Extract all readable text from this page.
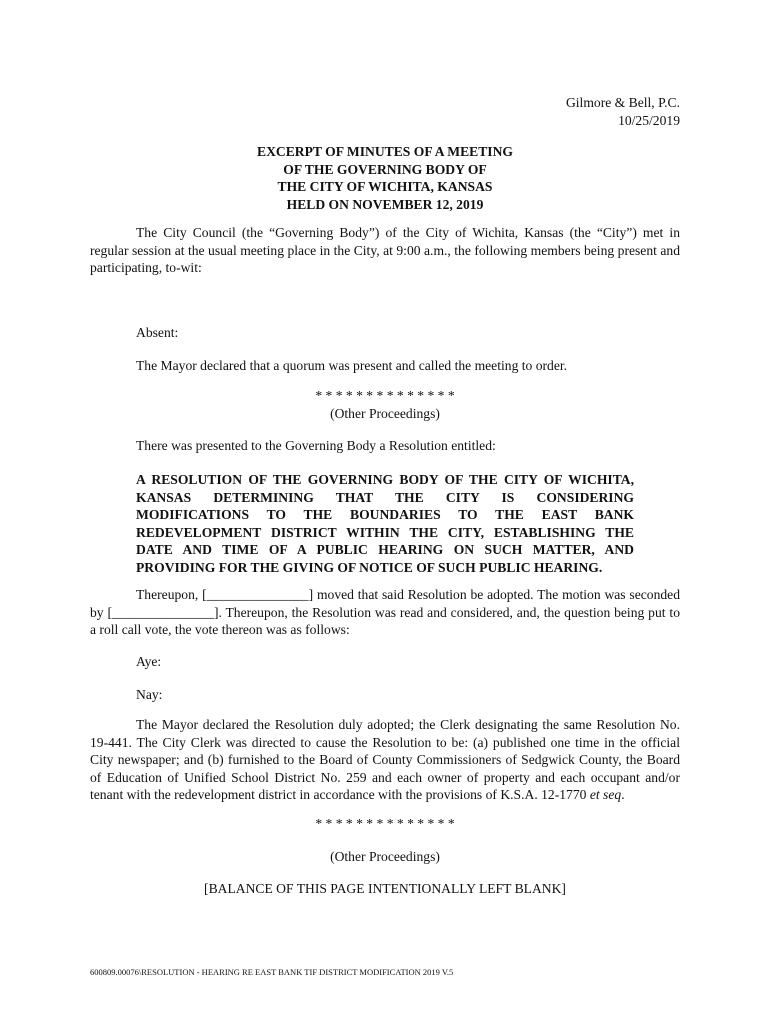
Gilmore & Bell, P.C.
10/25/2019
EXCERPT OF MINUTES OF A MEETING
OF THE GOVERNING BODY OF
THE CITY OF WICHITA, KANSAS
HELD ON NOVEMBER 12, 2019
The City Council (the “Governing Body”) of the City of Wichita, Kansas (the “City”) met in regular session at the usual meeting place in the City, at 9:00 a.m., the following members being present and participating, to-wit:
Absent:
The Mayor declared that a quorum was present and called the meeting to order.
* * * * * * * * * * * * * *
(Other Proceedings)
There was presented to the Governing Body a Resolution entitled:
A RESOLUTION OF THE GOVERNING BODY OF THE CITY OF WICHITA, KANSAS DETERMINING THAT THE CITY IS CONSIDERING MODIFICATIONS TO THE BOUNDARIES TO THE EAST BANK REDEVELOPMENT DISTRICT WITHIN THE CITY, ESTABLISHING THE DATE AND TIME OF A PUBLIC HEARING ON SUCH MATTER, AND PROVIDING FOR THE GIVING OF NOTICE OF SUCH PUBLIC HEARING.
Thereupon, [_______________] moved that said Resolution be adopted. The motion was seconded by [_______________]. Thereupon, the Resolution was read and considered, and, the question being put to a roll call vote, the vote thereon was as follows:
Aye:
Nay:
The Mayor declared the Resolution duly adopted; the Clerk designating the same Resolution No. 19-441. The City Clerk was directed to cause the Resolution to be: (a) published one time in the official City newspaper; and (b) furnished to the Board of County Commissioners of Sedgwick County, the Board of Education of Unified School District No. 259 and each owner of property and each occupant and/or tenant with the redevelopment district in accordance with the provisions of K.S.A. 12-1770 et seq.
* * * * * * * * * * * * * *
(Other Proceedings)
[BALANCE OF THIS PAGE INTENTIONALLY LEFT BLANK]
600809.00076\RESOLUTION - HEARING RE EAST BANK TIF DISTRICT MODIFICATION 2019 V.5
